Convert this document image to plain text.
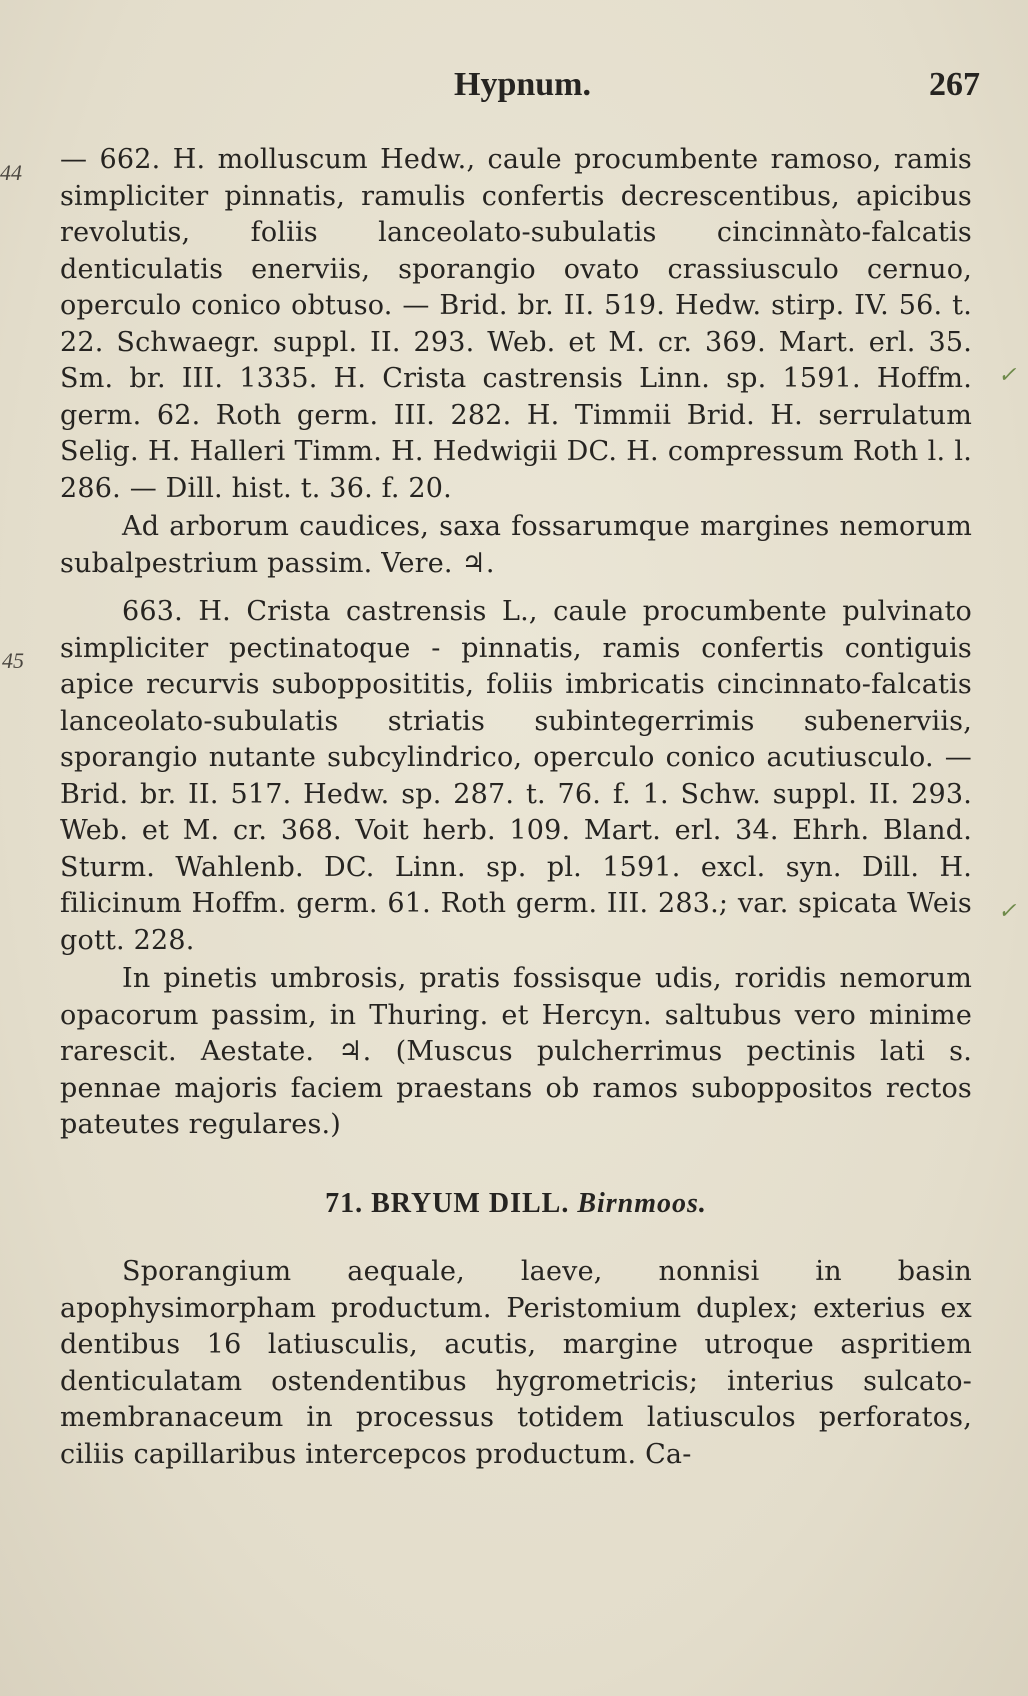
Hypnum.	267
44
45
✓
✓

— 662. H. molluscum Hedw., caule procumbente ramoso, ramis simpliciter pinnatis, ramulis confertis decrescentibus, apicibus revolutis, foliis lanceolato-subulatis cincinnàto-falcatis denticulatis enerviis, sporangio ovato crassiusculo cernuo, operculo conico obtuso. — Brid. br. II. 519. Hedw. stirp. IV. 56. t. 22. Schwaegr. suppl. II. 293. Web. et M. cr. 369. Mart. erl. 35. Sm. br. III. 1335. H. Crista castrensis Linn. sp. 1591. Hoffm. germ. 62. Roth germ. III. 282. H. Timmii Brid. H. serrulatum Selig. H. Halleri Timm. H. Hedwigii DC. H. compressum Roth l. l. 286. — Dill. hist. t. 36. f. 20.

Ad arborum caudices, saxa fossarumque margines nemorum subalpestrium passim. Vere. ♃.

663. H. Crista castrensis L., caule procumbente pulvinato simpliciter pectinatoque - pinnatis, ramis confertis contiguis apice recurvis subopposititis, foliis imbricatis cincinnato-falcatis lanceolato-subulatis striatis subintegerrimis subenerviis, sporangio nutante subcylindrico, operculo conico acutiusculo. — Brid. br. II. 517. Hedw. sp. 287. t. 76. f. 1. Schw. suppl. II. 293. Web. et M. cr. 368. Voit herb. 109. Mart. erl. 34. Ehrh. Bland. Sturm. Wahlenb. DC. Linn. sp. pl. 1591. excl. syn. Dill. H. filicinum Hoffm. germ. 61. Roth germ. III. 283.; var. spicata Weis gott. 228.

In pinetis umbrosis, pratis fossisque udis, roridis nemorum opacorum passim, in Thuring. et Hercyn. saltubus vero minime rarescit. Aestate. ♃. (Muscus pulcherrimus pectinis lati s. pennae majoris faciem praestans ob ramos suboppositos rectos pateutes regulares.)

71. BRYUM DILL. Birnmoos.

Sporangium aequale, laeve, nonnisi in basin apophysimorpham productum. Peristomium duplex; exterius ex dentibus 16 latiusculis, acutis, margine utroque aspritiem denticulatam ostendentibus hygrometricis; interius sulcato-membranaceum in processus totidem latiusculos perforatos, ciliis capillaribus intercepcos productum. Ca-
